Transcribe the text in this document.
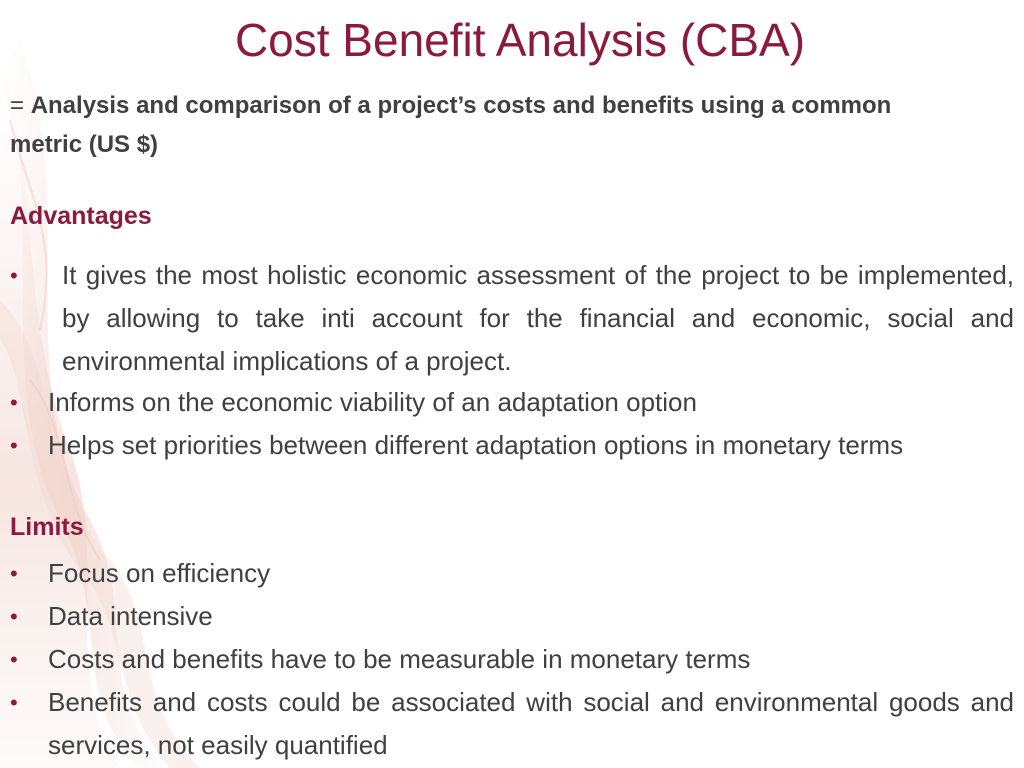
Cost Benefit Analysis (CBA)
= Analysis and comparison of a project’s costs and benefits using a common metric (US $)
Advantages
• It gives the most holistic economic assessment of the project to be implemented, by allowing to take inti account for the financial and economic, social and environmental implications of a project.
• Informs on the economic viability of an adaptation option
• Helps set priorities between different adaptation options in monetary terms
Limits
• Focus on efficiency
• Data intensive
• Costs and benefits have to be measurable in monetary terms
• Benefits and costs could be associated with social and environmental goods and services, not easily quantified
